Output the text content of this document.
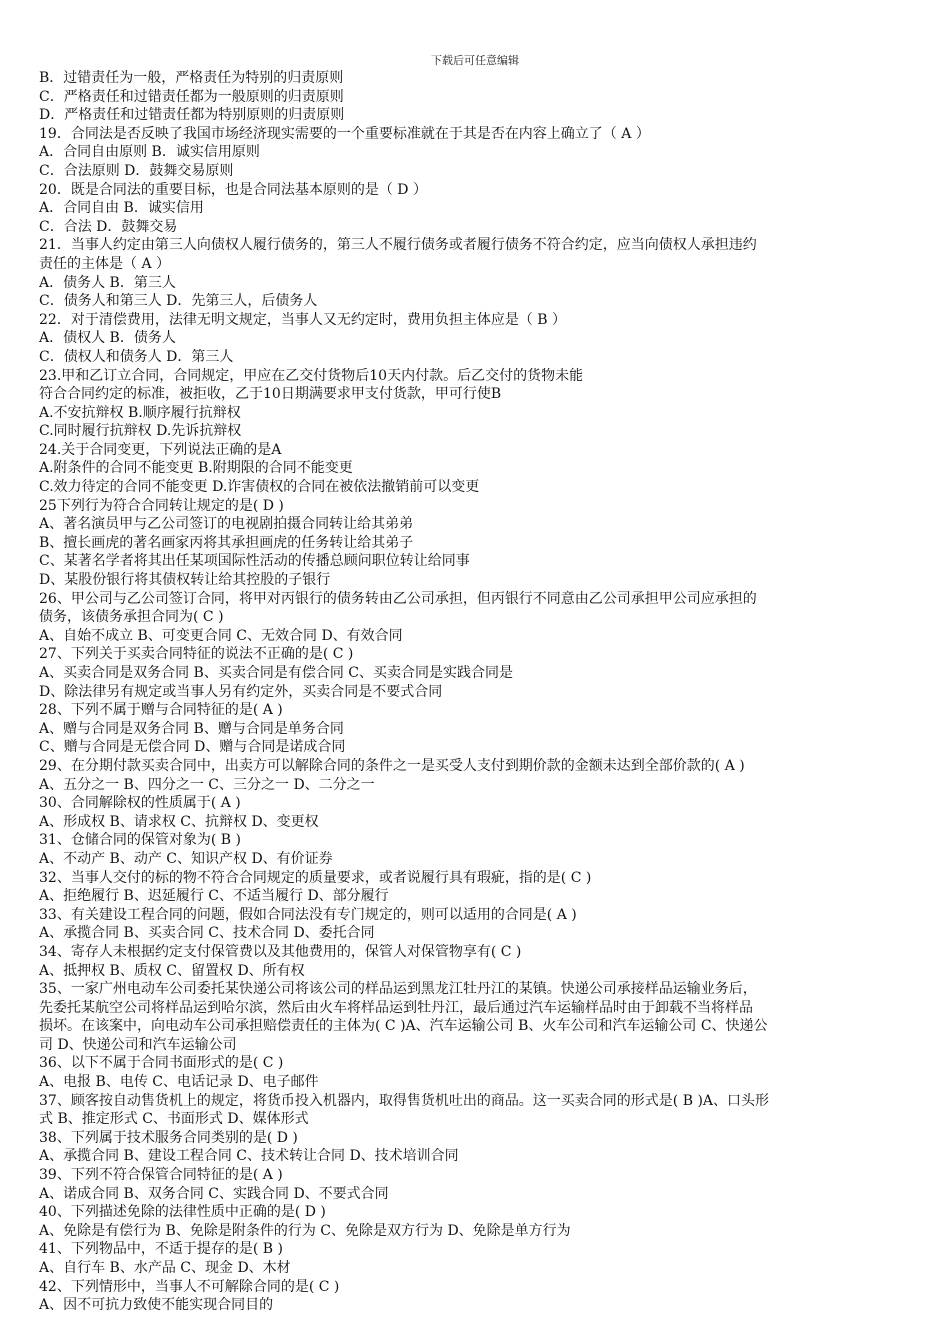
下载后可任意编辑
B．过错责任为一般，严格责任为特别的归责原则
C．严格责任和过错责任都为一般原则的归责原则
D．严格责任和过错责任都为特别原则的归责原则
19．合同法是否反映了我国市场经济现实需要的一个重要标准就在于其是否在内容上确立了（ A ）
A．合同自由原则 B．诚实信用原则
C．合法原则 D．鼓舞交易原则
20．既是合同法的重要目标，也是合同法基本原则的是（ D ）
A．合同自由 B．诚实信用
C．合法 D．鼓舞交易
21．当事人约定由第三人向债权人履行债务的，第三人不履行债务或者履行债务不符合约定，应当向债权人承担违约
责任的主体是（ A ）
A．债务人 B．第三人
C．债务人和第三人 D．先第三人，后债务人
22．对于清偿费用，法律无明文规定，当事人又无约定时，费用负担主体应是（ B ）
A．债权人 B．债务人
C．债权人和债务人 D．第三人
23.甲和乙订立合同，合同规定，甲应在乙交付货物后10天内付款。后乙交付的货物未能
符合合同约定的标准，被拒收，乙于10日期满要求甲支付货款，甲可行使B
A.不安抗辩权 B.顺序履行抗辩权
C.同时履行抗辩权 D.先诉抗辩权
24.关于合同变更，下列说法正确的是A
A.附条件的合同不能变更 B.附期限的合同不能变更
C.效力待定的合同不能变更 D.诈害债权的合同在被依法撤销前可以变更
25下列行为符合合同转让规定的是( D )
A、著名演员甲与乙公司签订的电视剧拍摄合同转让给其弟弟
B、擅长画虎的著名画家丙将其承担画虎的任务转让给其弟子
C、某著名学者将其出任某项国际性活动的传播总顾问职位转让给同事
D、某股份银行将其债权转让给其控股的子银行
26、甲公司与乙公司签订合同，将甲对丙银行的债务转由乙公司承担，但丙银行不同意由乙公司承担甲公司应承担的
债务，该债务承担合同为( C )
A、自始不成立 B、可变更合同 C、无效合同 D、有效合同
27、下列关于买卖合同特征的说法不正确的是( C )
A、买卖合同是双务合同 B、买卖合同是有偿合同 C、买卖合同是实践合同是
D、除法律另有规定或当事人另有约定外，买卖合同是不要式合同
28、下列不属于赠与合同特征的是( A )
A、赠与合同是双务合同 B、赠与合同是单务合同
C、赠与合同是无偿合同 D、赠与合同是诺成合同
29、在分期付款买卖合同中，出卖方可以解除合同的条件之一是买受人支付到期价款的金额未达到全部价款的( A )
A、五分之一 B、四分之一 C、三分之一 D、二分之一
30、合同解除权的性质属于( A )
A、形成权 B、请求权 C、抗辩权 D、变更权
31、仓储合同的保管对象为( B )
A、不动产 B、动产 C、知识产权 D、有价证券
32、当事人交付的标的物不符合合同规定的质量要求，或者说履行具有瑕疵，指的是( C )
A、拒绝履行 B、迟延履行 C、不适当履行 D、部分履行
33、有关建设工程合同的问题，假如合同法没有专门规定的，则可以适用的合同是( A )
A、承揽合同 B、买卖合同 C、技术合同 D、委托合同
34、寄存人未根据约定支付保管费以及其他费用的，保管人对保管物享有( C )
A、抵押权 B、质权 C、留置权 D、所有权
35、一家广州电动车公司委托某快递公司将该公司的样品运到黑龙江牡丹江的某镇。快递公司承接样品运输业务后，
先委托某航空公司将样品运到哈尔滨，然后由火车将样品运到牡丹江，最后通过汽车运输样品时由于卸载不当将样品
损坏。在该案中，向电动车公司承担赔偿责任的主体为( C )A、汽车运输公司 B、火车公司和汽车运输公司 C、快递公
司 D、快递公司和汽车运输公司
36、以下不属于合同书面形式的是( C )
A、电报 B、电传 C、电话记录 D、电子邮件
37、顾客按自动售货机上的规定，将货币投入机器内，取得售货机吐出的商品。这一买卖合同的形式是( B )A、口头形
式 B、推定形式 C、书面形式 D、媒体形式
38、下列属于技术服务合同类别的是( D )
A、承揽合同 B、建设工程合同 C、技术转让合同 D、技术培训合同
39、下列不符合保管合同特征的是( A )
A、诺成合同 B、双务合同 C、实践合同 D、不要式合同
40、下列描述免除的法律性质中正确的是( D )
A、免除是有偿行为 B、免除是附条件的行为 C、免除是双方行为 D、免除是单方行为
41、下列物品中，不适于提存的是( B )
A、自行车 B、水产品 C、现金 D、木材
42、下列情形中，当事人不可解除合同的是( C )
A、因不可抗力致使不能实现合同目的
